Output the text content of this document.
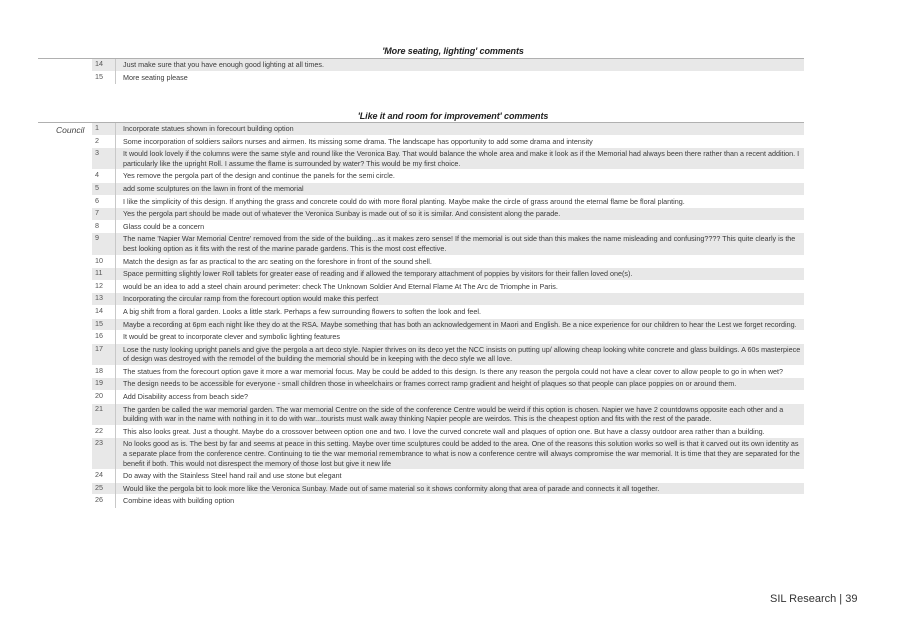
'More seating, lighting' comments
14	Just make sure that you have enough good lighting at all times.
15	More seating please
'Like it and room for improvement' comments
Council 1	Incorporate statues shown in forecourt building option
2	Some incorporation of soldiers sailors nurses and airmen. Its missing some drama. The landscape has opportunity to add some drama and intensity
3	It would look lovely if the columns were the same style and round like the Veronica Bay. That would balance the whole area and make it look as if the Memorial had always been there rather than a recent addition. I particularly like the upright Roll. I assume the flame is surrounded by water? This would be my first choice.
4	Yes remove the pergola part of the design and continue the panels for the semi circle.
5	add some sculptures on the lawn in front of the memorial
6	I like the simplicity of this design. If anything the grass and concrete could do with more floral planting. Maybe make the circle of grass around the eternal flame be floral planting.
7	Yes the pergola part should be made out of whatever the Veronica Sunbay is made out of so it is similar. And consistent along the parade.
8	Glass could be a concern
9	The name 'Napier War Memorial Centre' removed from the side of the building...as it makes zero sense! If the memorial is out side than this makes the name misleading and confusing???? This quite clearly is the best looking option as it fits with the rest of the marine parade gardens. This is the most cost effective.
10	Match the design as far as practical to the arc seating on the foreshore in front of the sound shell.
11	Space permitting slightly lower Roll tablets for greater ease of reading and if allowed the temporary attachment of poppies by visitors for their fallen loved one(s).
12	would be an idea to add a steel chain around perimeter: check The Unknown Soldier And Eternal Flame At The Arc de Triomphe in Paris.
13	Incorporating the circular ramp from the forecourt option would make this perfect
14	A big shift from a floral garden. Looks a little stark. Perhaps a few surrounding flowers to soften the look and feel.
15	Maybe a recording at 6pm each night like they do at the RSA. Maybe something that has both an acknowledgement in Maori and English. Be a nice experience for our children to hear the Lest we forget recording.
16	It would be great to incorporate clever and symbolic lighting features
17	Lose the rusty looking upright panels and give the pergola a art deco style. Napier thrives on its deco yet the NCC insists on putting up/ allowing cheap looking white concrete and glass buildings. A 60s masterpiece of design was destroyed with the remodel of the building the memorial should be in keeping with the deco style we all love.
18	The statues from the forecourt option gave it more a war memorial focus. May be could be added to this design. Is there any reason the pergola could not have a clear cover to allow people to go in when wet?
19	The design needs to be accessible for everyone - small children those in wheelchairs or frames correct ramp gradient and height of plaques so that people can place poppies on or around them.
20	Add Disability access from beach side?
21	The garden be called the war memorial garden. The war memorial Centre on the side of the conference Centre would be weird if this option is chosen. Napier we have 2 countdowns opposite each other and a building with war in the name with nothing in it to do with war...tourists must walk away thinking Napier people are weirdos. This is the cheapest option and fits with the rest of the parade.
22	This also looks great. Just a thought. Maybe do a crossover between option one and two. I love the curved concrete wall and plaques of option one. But have a classy outdoor area rather than a building.
23	No looks good as is. The best by far and seems at peace in this setting. Maybe over time sculptures could be added to the area. One of the reasons this solution works so well is that it carved out its own identity as a separate place from the conference centre. Continuing to tie the war memorial remembrance to what is now a conference centre will always compromise the war memorial. It is time that they are separated for the benefit if both. This would not disrespect the memory of those lost but give it new life
24	Do away with the Stainless Steel hand rail and use stone but elegant
25	Would like the pergola bit to look more like the Veronica Sunbay. Made out of same material so it shows conformity along that area of parade and connects it all together.
26	Combine ideas with building option
SIL Research | 39
